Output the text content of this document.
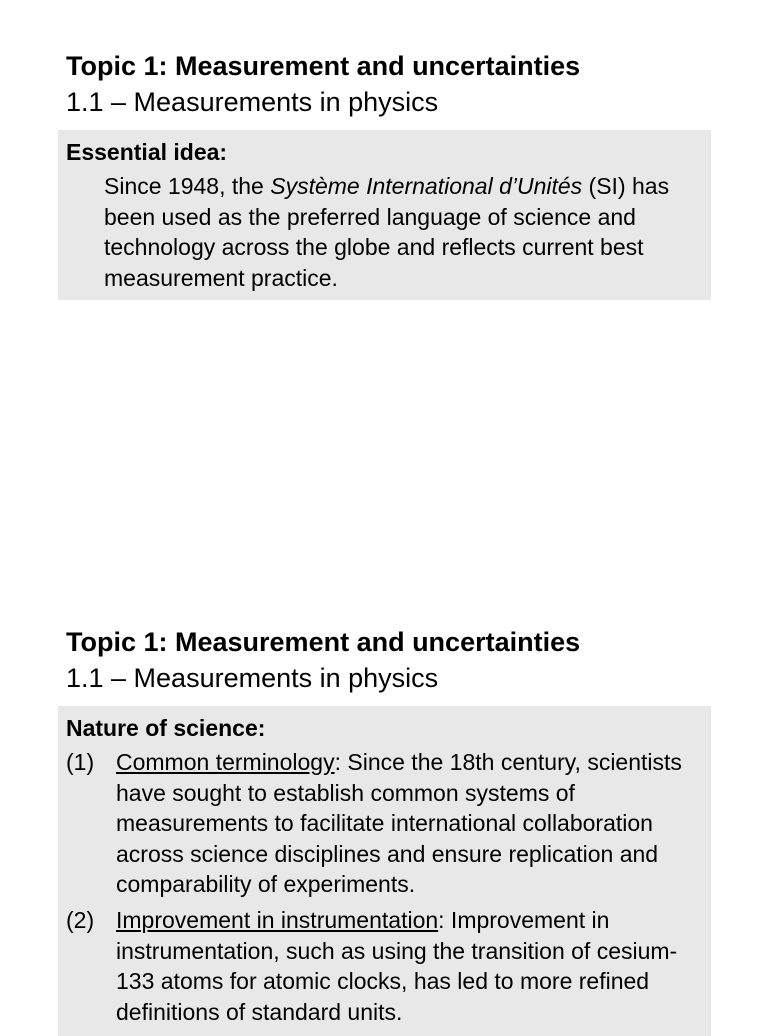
Topic 1: Measurement and uncertainties
1.1 – Measurements in physics
Essential idea:
Since 1948, the Système International d’Unités (SI) has been used as the preferred language of science and technology across the globe and reflects current best measurement practice.
Topic 1: Measurement and uncertainties
1.1 – Measurements in physics
Nature of science:
(1) Common terminology: Since the 18th century, scientists have sought to establish common systems of measurements to facilitate international collaboration across science disciplines and ensure replication and comparability of experiments.
(2) Improvement in instrumentation: Improvement in instrumentation, such as using the transition of cesium-133 atoms for atomic clocks, has led to more refined definitions of standard units.
